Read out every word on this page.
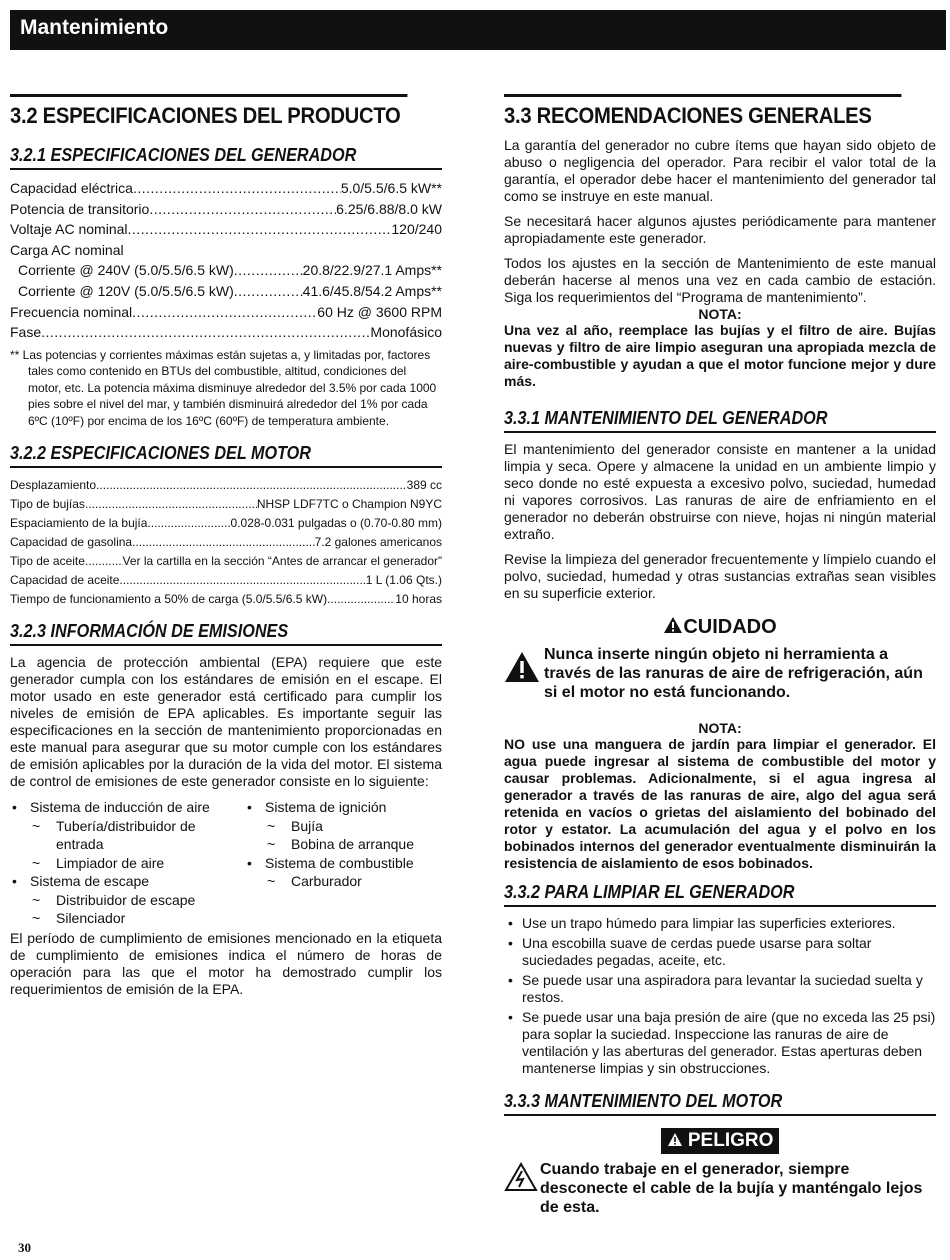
Mantenimiento
3.2 ESPECIFICACIONES DEL PRODUCTO
3.2.1 ESPECIFICACIONES DEL GENERADOR
Capacidad eléctrica .....	5.0/5.5/6.5 kW**
Potencia de transitorio .....	6.25/6.88/8.0 kW
Voltaje AC nominal .....	120/240
Carga AC nominal
Corriente @ 240V (5.0/5.5/6.5 kW) .....	20.8/22.9/27.1 Amps**
Corriente @ 120V (5.0/5.5/6.5 kW) .....	41.6/45.8/54.2 Amps**
Frecuencia nominal .....	60 Hz @ 3600 RPM
Fase .....	Monofásico
** Las potencias y corrientes máximas están sujetas a, y limitadas por, factores tales como contenido en BTUs del combustible, altitud, condiciones del motor, etc. La potencia máxima disminuye alrededor del 3.5% por cada 1000 pies sobre el nivel del mar, y también disminuirá alrededor del 1% por cada 6ºC (10ºF) por encima de los 16ºC (60ºF) de temperatura ambiente.
3.2.2 ESPECIFICACIONES DEL MOTOR
Desplazamiento .....	389 cc
Tipo de bujías .....	NHSP LDF7TC o Champion N9YC
Espaciamiento de la bujía .....	0.028-0.031 pulgadas o (0.70-0.80 mm)
Capacidad de gasolina .....	7.2 galones americanos
Tipo de aceite .....	Ver la cartilla en la sección “Antes de arrancar el generador”
Capacidad de aceite .....	1 L (1.06 Qts.)
Tiempo de funcionamiento a 50% de carga (5.0/5.5/6.5 kW) .....	10 horas
3.2.3 INFORMACIÓN DE EMISIONES

La agencia de protección ambiental (EPA) requiere que este generador cumpla con los estándares de emisión en el escape. El motor usado en este generador está certificado para cumplir los niveles de emisión de EPA aplicables. Es importante seguir las especificaciones en la sección de mantenimiento proporcionadas en este manual para asegurar que su motor cumple con los estándares de emisión aplicables por la duración de la vida del motor. El sistema de control de emisiones de este generador consiste en lo siguiente:

• Sistema de inducción de aire
~ Tubería/distribuidor de entrada
~ Limpiador de aire
• Sistema de escape
~ Distribuidor de escape
~ Silenciador
• Sistema de ignición
~ Bujía
~ Bobina de arranque
• Sistema de combustible
~ Carburador

El período de cumplimiento de emisiones mencionado en la etiqueta de cumplimiento de emisiones indica el número de horas de operación para las que el motor ha demostrado cumplir los requerimientos de emisión de la EPA.

3.3 RECOMENDACIONES GENERALES

La garantía del generador no cubre ítems que hayan sido objeto de abuso o negligencia del operador. Para recibir el valor total de la garantía, el operador debe hacer el mantenimiento del generador tal como se instruye en este manual.

Se necesitará hacer algunos ajustes periódicamente para mantener apropiadamente este generador.

Todos los ajustes en la sección de Mantenimiento de este manual deberán hacerse al menos una vez en cada cambio de estación. Siga los requerimientos del “Programa de mantenimiento”.

NOTA:
Una vez al año, reemplace las bujías y el filtro de aire. Bujías nuevas y filtro de aire limpio aseguran una apropiada mezcla de aire-combustible y ayudan a que el motor funcione mejor y dure más.
3.3.1 MANTENIMIENTO DEL GENERADOR

El mantenimiento del generador consiste en mantener a la unidad limpia y seca. Opere y almacene la unidad en un ambiente limpio y seco donde no esté expuesta a excesivo polvo, suciedad, humedad ni vapores corrosivos. Las ranuras de aire de enfriamiento en el generador no deberán obstruirse con nieve, hojas ni ningún material extraño.

Revise la limpieza del generador frecuentemente y límpielo cuando el polvo, suciedad, humedad y otras sustancias extrañas sean visibles en su superficie exterior.

CUIDADO
Nunca inserte ningún objeto ni herramienta a través de las ranuras de aire de refrigeración, aún si el motor no está funcionando.
NOTA:
NO use una manguera de jardín para limpiar el generador. El agua puede ingresar al sistema de combustible del motor y causar problemas. Adicionalmente, si el agua ingresa al generador a través de las ranuras de aire, algo del agua será retenida en vacíos o grietas del aislamiento del bobinado del rotor y estator. La acumulación del agua y el polvo en los bobinados internos del generador eventualmente disminuirán la resistencia de aislamiento de esos bobinados.
3.3.2 PARA LIMPIAR EL GENERADOR
• Use un trapo húmedo para limpiar las superficies exteriores.
• Una escobilla suave de cerdas puede usarse para soltar suciedades pegadas, aceite, etc.
• Se puede usar una aspiradora para levantar la suciedad suelta y restos.
• Se puede usar una baja presión de aire (que no exceda las 25 psi) para soplar la suciedad. Inspeccione las ranuras de aire de ventilación y las aberturas del generador. Estas aperturas deben mantenerse limpias y sin obstrucciones.
3.3.3 MANTENIMIENTO DEL MOTOR
PELIGRO
Cuando trabaje en el generador, siempre desconecte el cable de la bujía y manténgalo lejos de esta.
30
